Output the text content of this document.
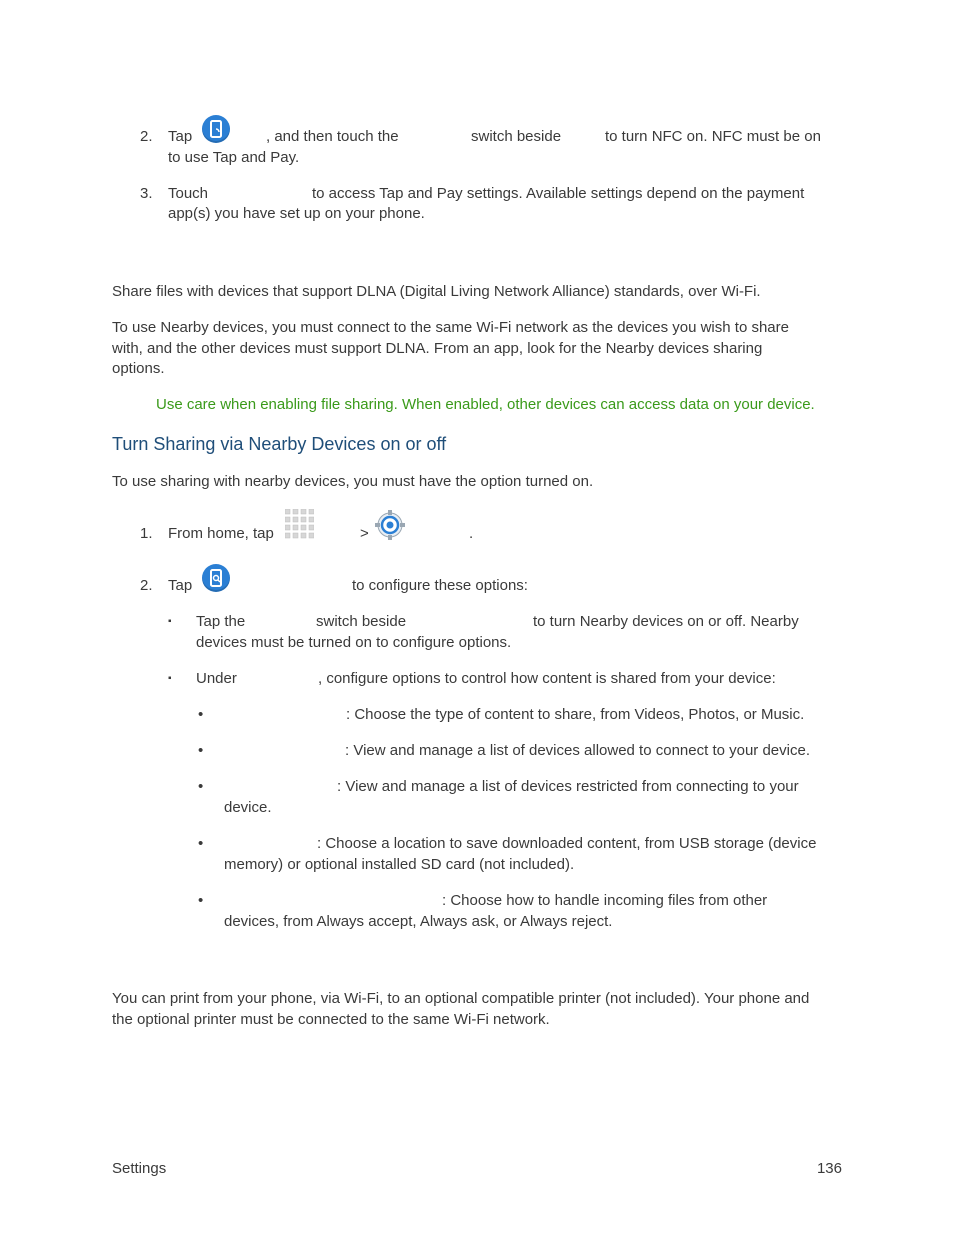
2. Tap	, and then touch the	switch beside	to turn NFC on. NFC must be on
to use Tap and Pay.
3. Touch	to access Tap and Pay settings. Available settings depend on the payment
app(s) you have set up on your phone.
Share files with devices that support DLNA (Digital Living Network Alliance) standards, over Wi-Fi.
To use Nearby devices, you must connect to the same Wi-Fi network as the devices you wish to share
with, and the other devices must support DLNA. From an app, look for the Nearby devices sharing
options.
Use care when enabling file sharing. When enabled, other devices can access data on your device.
Turn Sharing via Nearby Devices on or off
To use sharing with nearby devices, you must have the option turned on.
1. From home, tap	>	.
2. Tap	to configure these options:
▪ Tap the	switch beside	to turn Nearby devices on or off. Nearby
devices must be turned on to configure options.
▪ Under	, configure options to control how content is shared from your device:
•	: Choose the type of content to share, from Videos, Photos, or Music.
•	: View and manage a list of devices allowed to connect to your device.
•	: View and manage a list of devices restricted from connecting to your
device.
•	: Choose a location to save downloaded content, from USB storage (device
memory) or optional installed SD card (not included).
•	: Choose how to handle incoming files from other
devices, from Always accept, Always ask, or Always reject.
You can print from your phone, via Wi-Fi, to an optional compatible printer (not included). Your phone and
the optional printer must be connected to the same Wi-Fi network.
Settings	136
